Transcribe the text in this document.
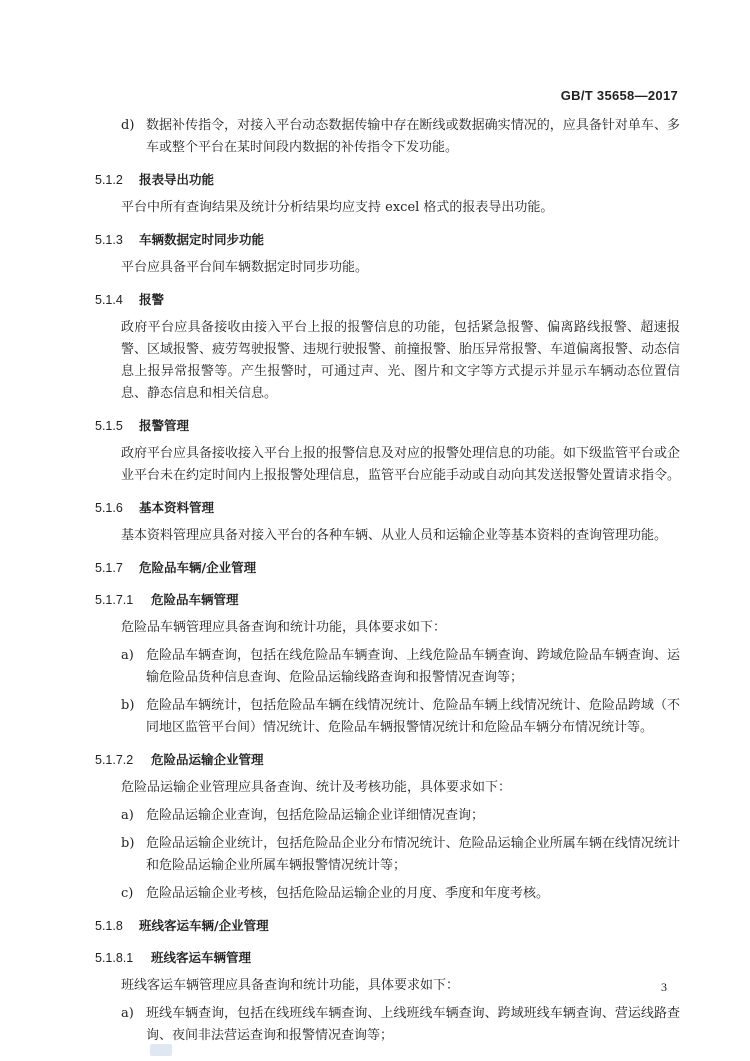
GB/T 35658—2017
d) 数据补传指令，对接入平台动态数据传输中存在断线或数据确实情况的，应具备针对单车、多车或整个平台在某时间段内数据的补传指令下发功能。
5.1.2 报表导出功能

平台中所有查询结果及统计分析结果均应支持 excel 格式的报表导出功能。

5.1.3 车辆数据定时同步功能

平台应具备平台间车辆数据定时同步功能。

5.1.4 报警

政府平台应具备接收由接入平台上报的报警信息的功能，包括紧急报警、偏离路线报警、超速报警、区域报警、疲劳驾驶报警、违规行驶报警、前撞报警、胎压异常报警、车道偏离报警、动态信息上报异常报警等。产生报警时，可通过声、光、图片和文字等方式提示并显示车辆动态位置信息、静态信息和相关信息。

5.1.5 报警管理

政府平台应具备接收接入平台上报的报警信息及对应的报警处理信息的功能。如下级监管平台或企业平台未在约定时间内上报报警处理信息，监管平台应能手动或自动向其发送报警处置请求指令。

5.1.6 基本资料管理

基本资料管理应具备对接入平台的各种车辆、从业人员和运输企业等基本资料的查询管理功能。

5.1.7 危险品车辆/企业管理
5.1.7.1 危险品车辆管理

危险品车辆管理应具备查询和统计功能，具体要求如下：

a) 危险品车辆查询，包括在线危险品车辆查询、上线危险品车辆查询、跨域危险品车辆查询、运输危险品货种信息查询、危险品运输线路查询和报警情况查询等；
b) 危险品车辆统计，包括危险品车辆在线情况统计、危险品车辆上线情况统计、危险品跨域（不同地区监管平台间）情况统计、危险品车辆报警情况统计和危险品车辆分布情况统计等。
5.1.7.2 危险品运输企业管理

危险品运输企业管理应具备查询、统计及考核功能，具体要求如下：

a) 危险品运输企业查询，包括危险品运输企业详细情况查询；
b) 危险品运输企业统计，包括危险品企业分布情况统计、危险品运输企业所属车辆在线情况统计和危险品运输企业所属车辆报警情况统计等；
c) 危险品运输企业考核，包括危险品运输企业的月度、季度和年度考核。
5.1.8 班线客运车辆/企业管理
5.1.8.1 班线客运车辆管理

班线客运车辆管理应具备查询和统计功能，具体要求如下：

a) 班线车辆查询，包括在线班线车辆查询、上线班线车辆查询、跨域班线车辆查询、营运线路查询、夜间非法营运查询和报警情况查询等；
3
